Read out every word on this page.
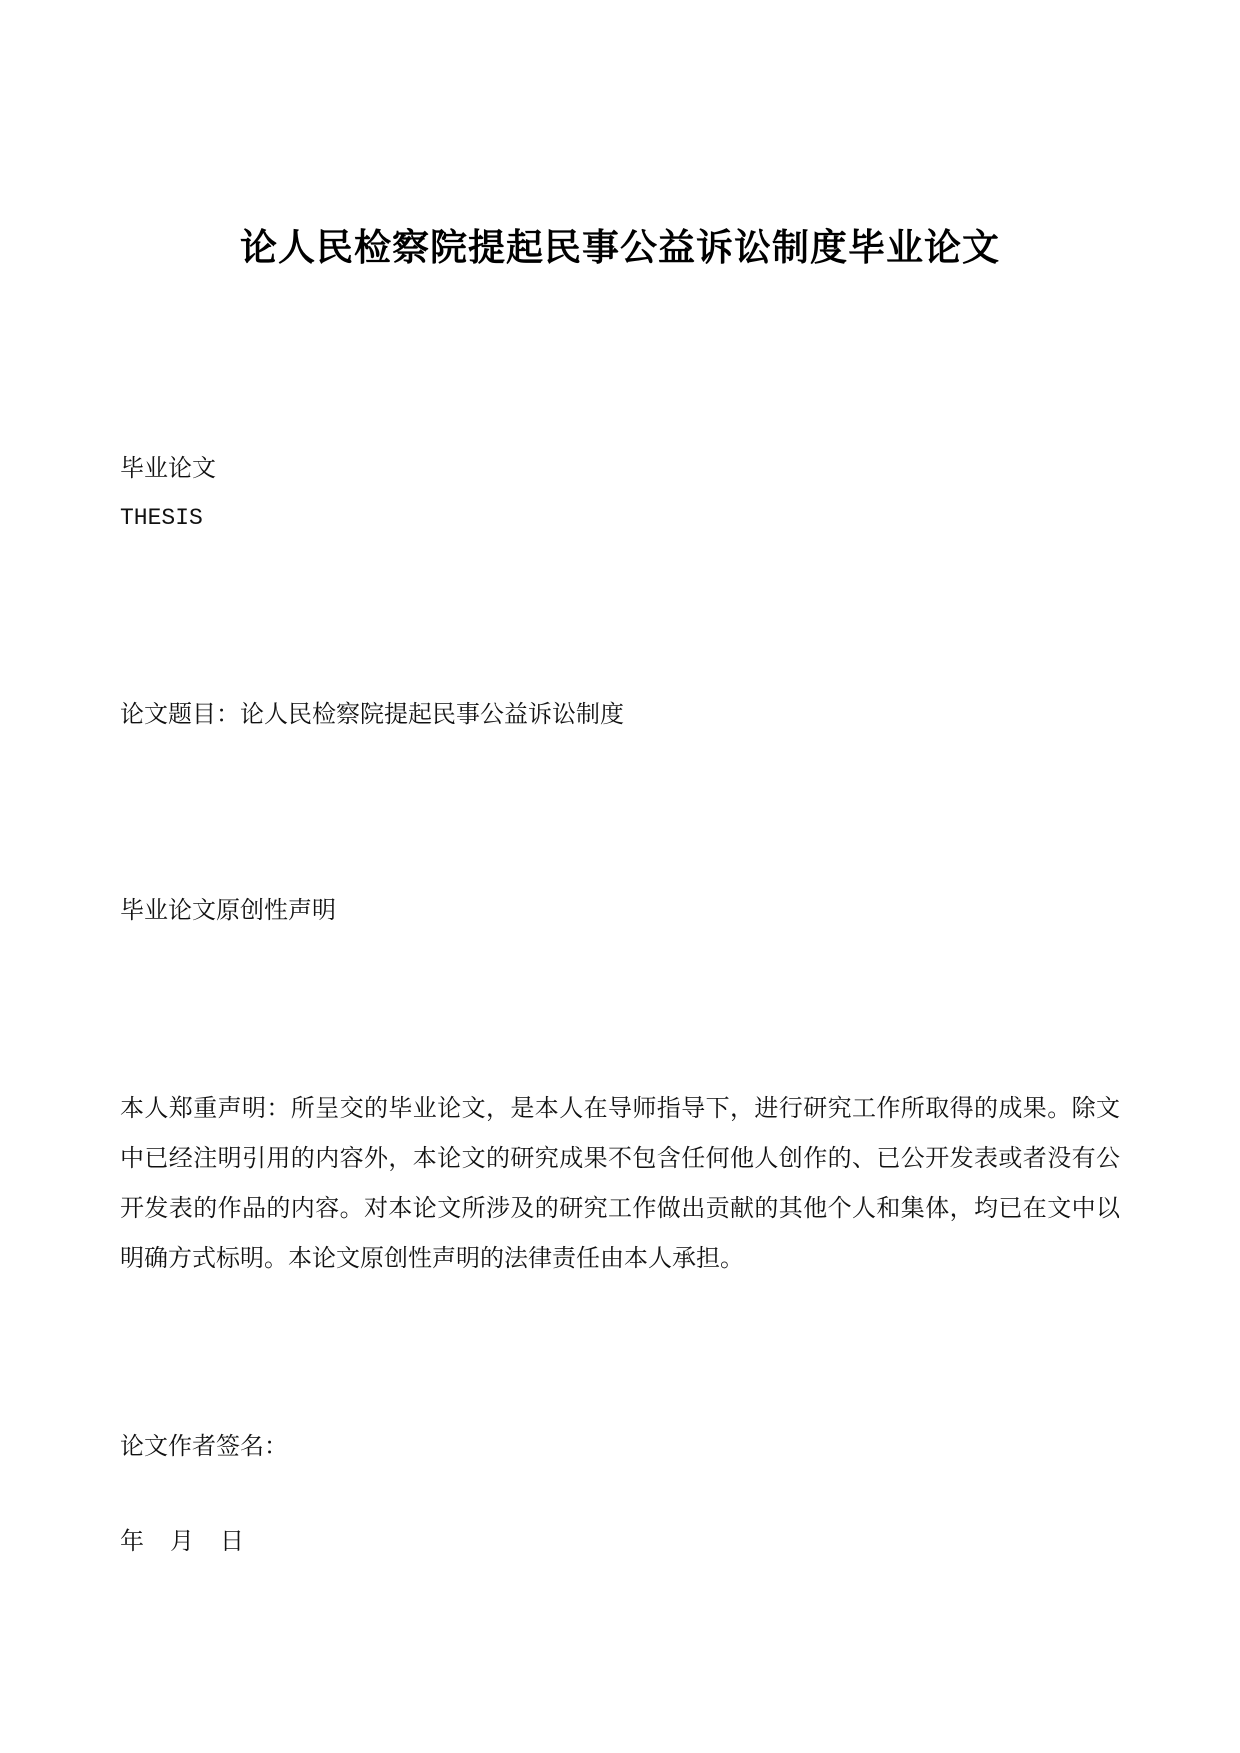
论人民检察院提起民事公益诉讼制度毕业论文

毕业论文

THESIS

论文题目：论人民检察院提起民事公益诉讼制度

毕业论文原创性声明

本人郑重声明：所呈交的毕业论文，是本人在导师指导下，进行研究工作所取得的成果。除文中已经注明引用的内容外，本论文的研究成果不包含任何他人创作的、已公开发表或者没有公开发表的作品的内容。对本论文所涉及的研究工作做出贡献的其他个人和集体，均已在文中以明确方式标明。本论文原创性声明的法律责任由本人承担。

论文作者签名：

年 月 日
